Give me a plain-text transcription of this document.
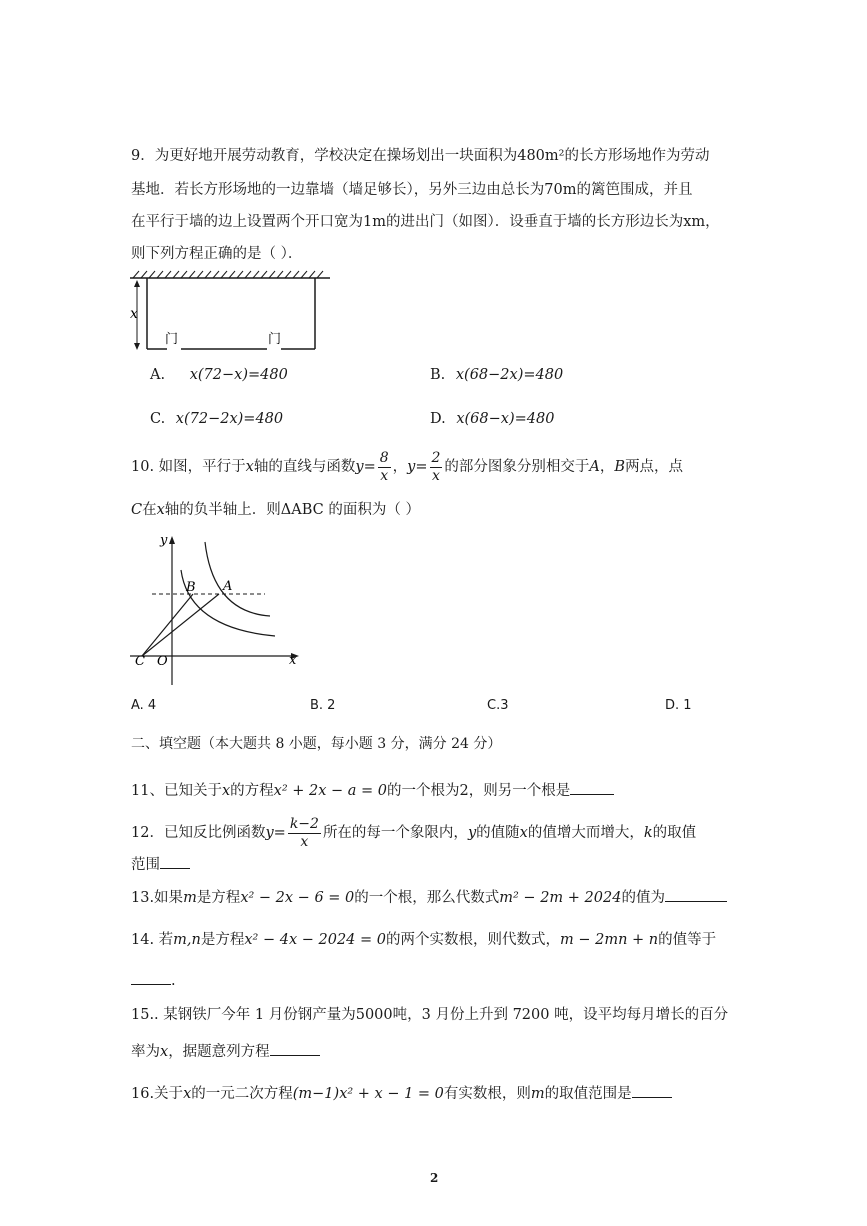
9．为更好地开展劳动教育，学校决定在操场划出一块面积为480m²的长方形场地作为劳动
基地．若长方形场地的一边靠墙（墙足够长），另外三边由总长为70m的篱笆围成，并且
在平行于墙的边上设置两个开口宽为1m的进出门（如图）．设垂直于墙的长方形边长为xm，
则下列方程正确的是（ ）．
x
门	门
A. x(72−x)=480	B. x(68−2x)=480
C. x(72−2x)=480	D. x(68−x)=480
10. 如图，平行于x轴的直线与函数$y= \frac{8}{x}$ ，$y= \frac{2}{x}$ 的部分图象分别相交于A，B两点，点
C在x轴的负半轴上．则ΔABC 的面积为（ ）
y
x
B A
C O
A. 4	B. 2	C.3	D. 1
二、填空题（本大题共 8 小题，每小题 3 分，满分 24 分）
11、已知关于x的方程x² + 2x − a = 0的一个根为2，则另一个根是
12．已知反比例函数$y= \frac{k-2}{x}$ 所在的每一个象限内，y的值随x的值增大而增大，k的取值
范围
13.如果m是方程x² − 2x − 6 = 0的一个根，那么代数式m² − 2m + 2024的值为
14. 若m,n是方程x² − 4x − 2024 = 0的两个实数根，则代数式，m − 2mn + n的值等于
.
15.. 某钢铁厂今年 1 月份钢产量为5000吨，3 月份上升到 7200 吨，设平均每月增长的百分
率为x，据题意列方程
16.关于x的一元二次方程(m−1)x² + x − 1 = 0有实数根，则m的取值范围是
2
